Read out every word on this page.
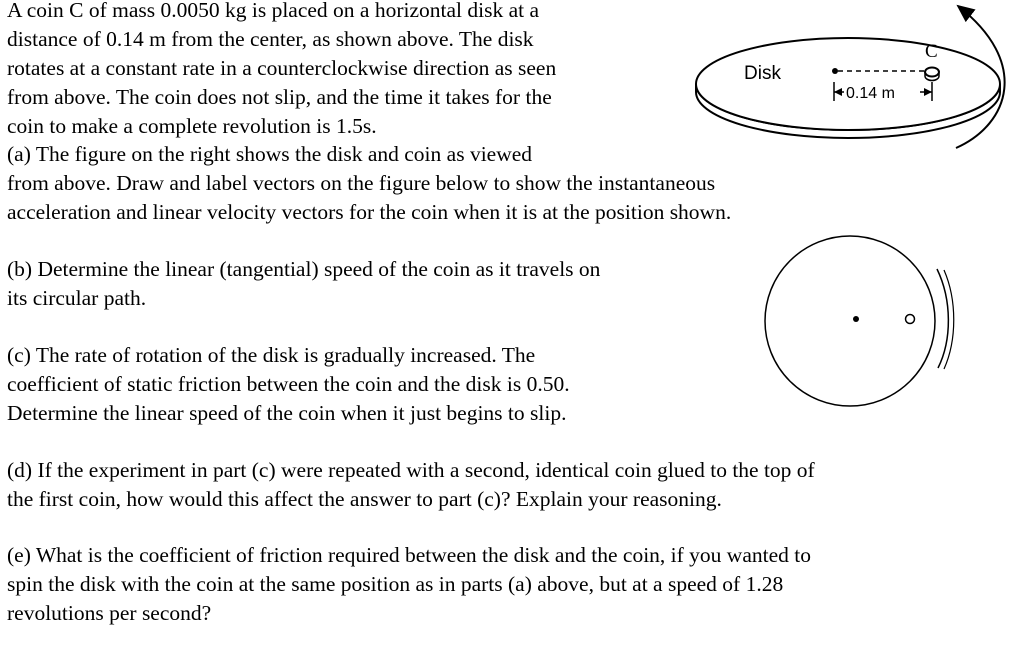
A coin C of mass 0.0050 kg is placed on a horizontal disk at a

distance of 0.14 m from the center, as shown above. The disk

rotates at a constant rate in a counterclockwise direction as seen

from above. The coin does not slip, and the time it takes for the

coin to make a complete revolution is 1.5s.

(a) The figure on the right shows the disk and coin as viewed

from above. Draw and label vectors on the figure below to show the instantaneous

acceleration and linear velocity vectors for the coin when it is at the position shown.

(b) Determine the linear (tangential) speed of the coin as it travels on

its circular path.

(c) The rate of rotation of the disk is gradually increased. The

coefficient of static friction between the coin and the disk is 0.50.

Determine the linear speed of the coin when it just begins to slip.

(d) If the experiment in part (c) were repeated with a second, identical coin glued to the top of

the first coin, how would this affect the answer to part (c)? Explain your reasoning.

(e) What is the coefficient of friction required between the disk and the coin, if you wanted to

spin the disk with the coin at the same position as in parts (a) above, but at a speed of 1.28

revolutions per second?

Disk
C
0.14 m
